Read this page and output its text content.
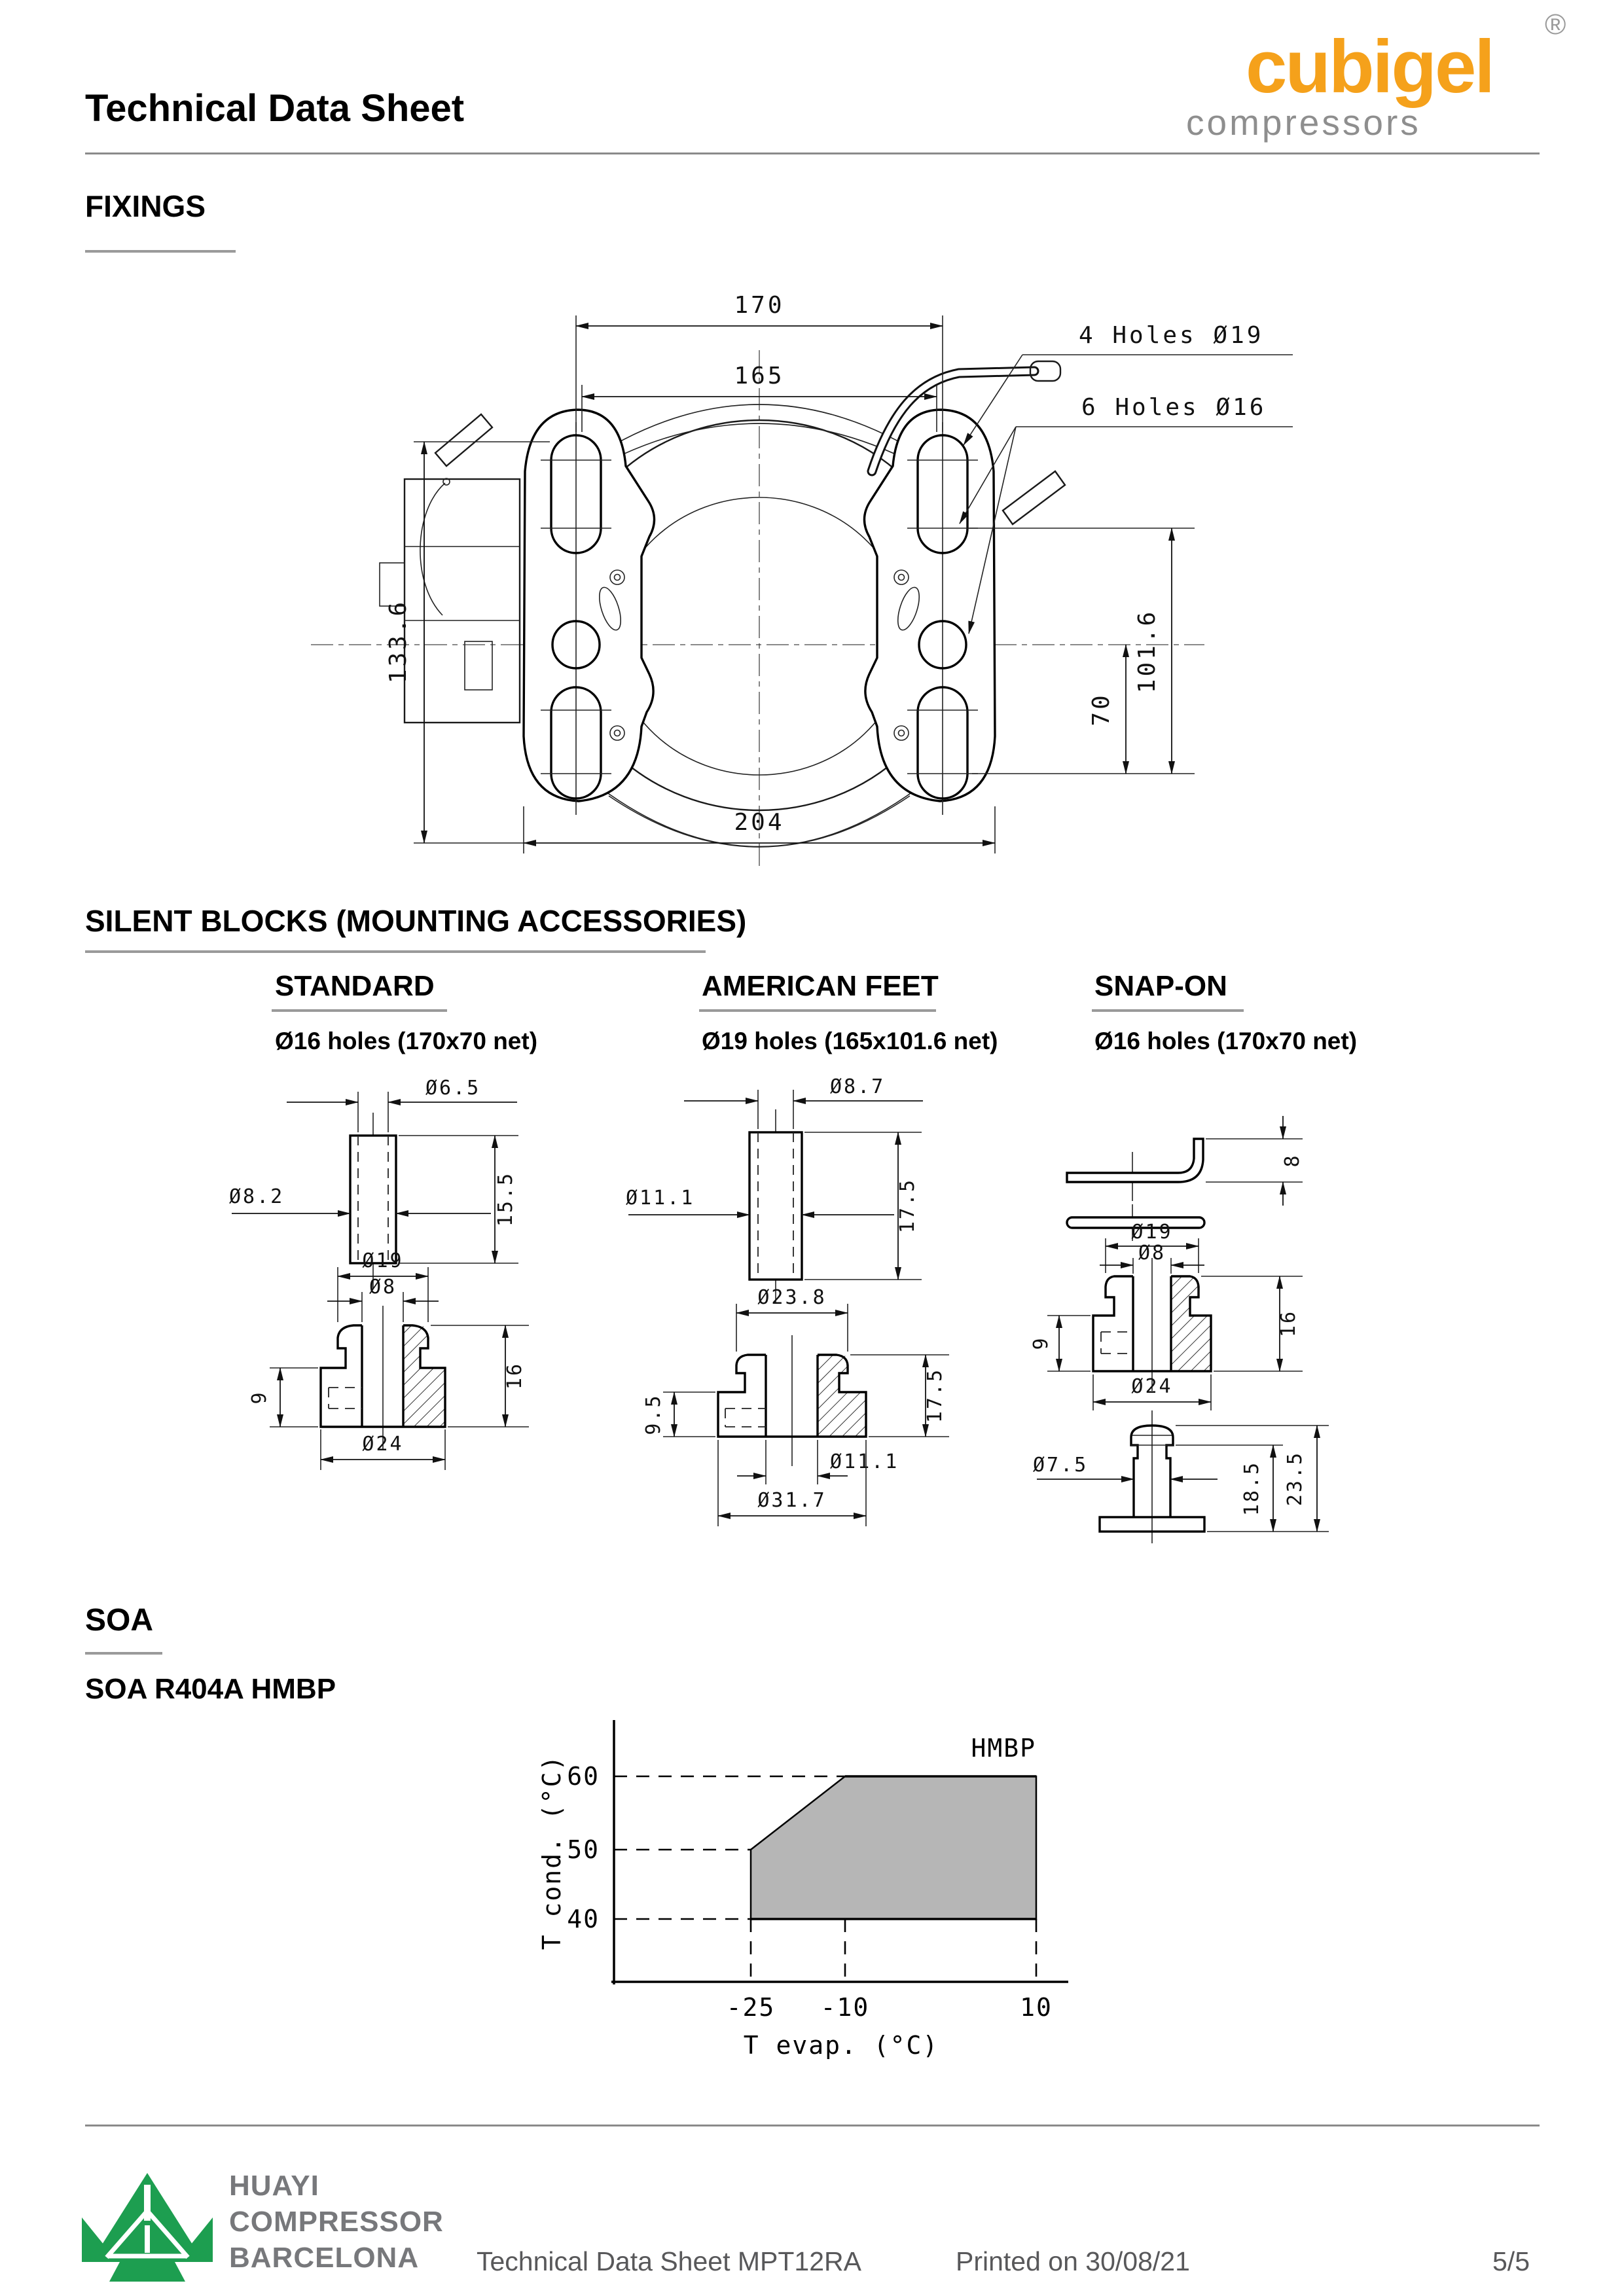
Technical Data Sheet	cubigel
®
compressors
FIXINGS
170
165
204
133.6
70
101.6
4 Holes Ø19
6 Holes Ø16
SILENT BLOCKS (MOUNTING ACCESSORIES)
STANDARD
Ø16 holes (170x70 net)
AMERICAN FEET
Ø19 holes (165x101.6 net)
SNAP-ON
Ø16 holes (170x70 net)
Ø6.5
Ø8.2	15.5
Ø19
Ø8
9
16
Ø24
Ø8.7
Ø11.1	17.5
Ø23.8
9.5	17.5
Ø11.1
Ø31.7
8
Ø19
Ø8
9
16
Ø24
Ø7.5	18.5 23.5
SOA
SOA R404A HMBP
60
50
40
-25 -10	10
T evap. (°C)
T cond. (°C)
HMBP
HUAYI
COMPRESSOR
BARCELONA	Technical Data Sheet MPT12RA	Printed on 30/08/21	5/5
